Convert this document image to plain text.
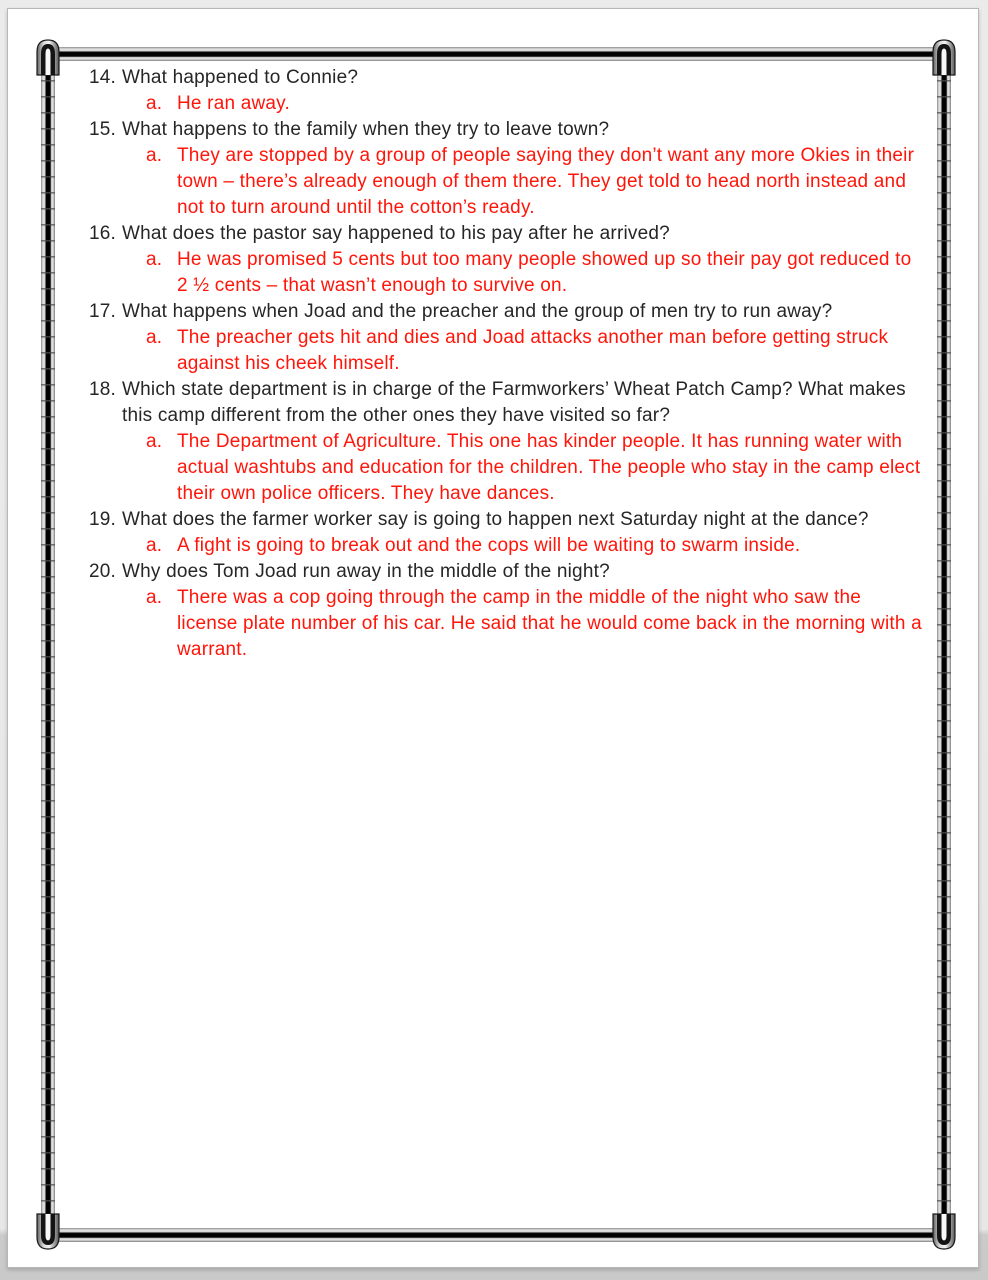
14. What happened to Connie?
a. He ran away.
15. What happens to the family when they try to leave town?
a. They are stopped by a group of people saying they don’t want any more Okies in their town – there’s already enough of them there. They get told to head north instead and not to turn around until the cotton’s ready.
16. What does the pastor say happened to his pay after he arrived?
a. He was promised 5 cents but too many people showed up so their pay got reduced to 2 ½ cents – that wasn’t enough to survive on.
17. What happens when Joad and the preacher and the group of men try to run away?
a. The preacher gets hit and dies and Joad attacks another man before getting struck against his cheek himself.
18. Which state department is in charge of the Farmworkers’ Wheat Patch Camp? What makes this camp different from the other ones they have visited so far?
a. The Department of Agriculture. This one has kinder people. It has running water with actual washtubs and education for the children. The people who stay in the camp elect their own police officers. They have dances.
19. What does the farmer worker say is going to happen next Saturday night at the dance?
a. A fight is going to break out and the cops will be waiting to swarm inside.
20. Why does Tom Joad run away in the middle of the night?
a. There was a cop going through the camp in the middle of the night who saw the license plate number of his car. He said that he would come back in the morning with a warrant.
